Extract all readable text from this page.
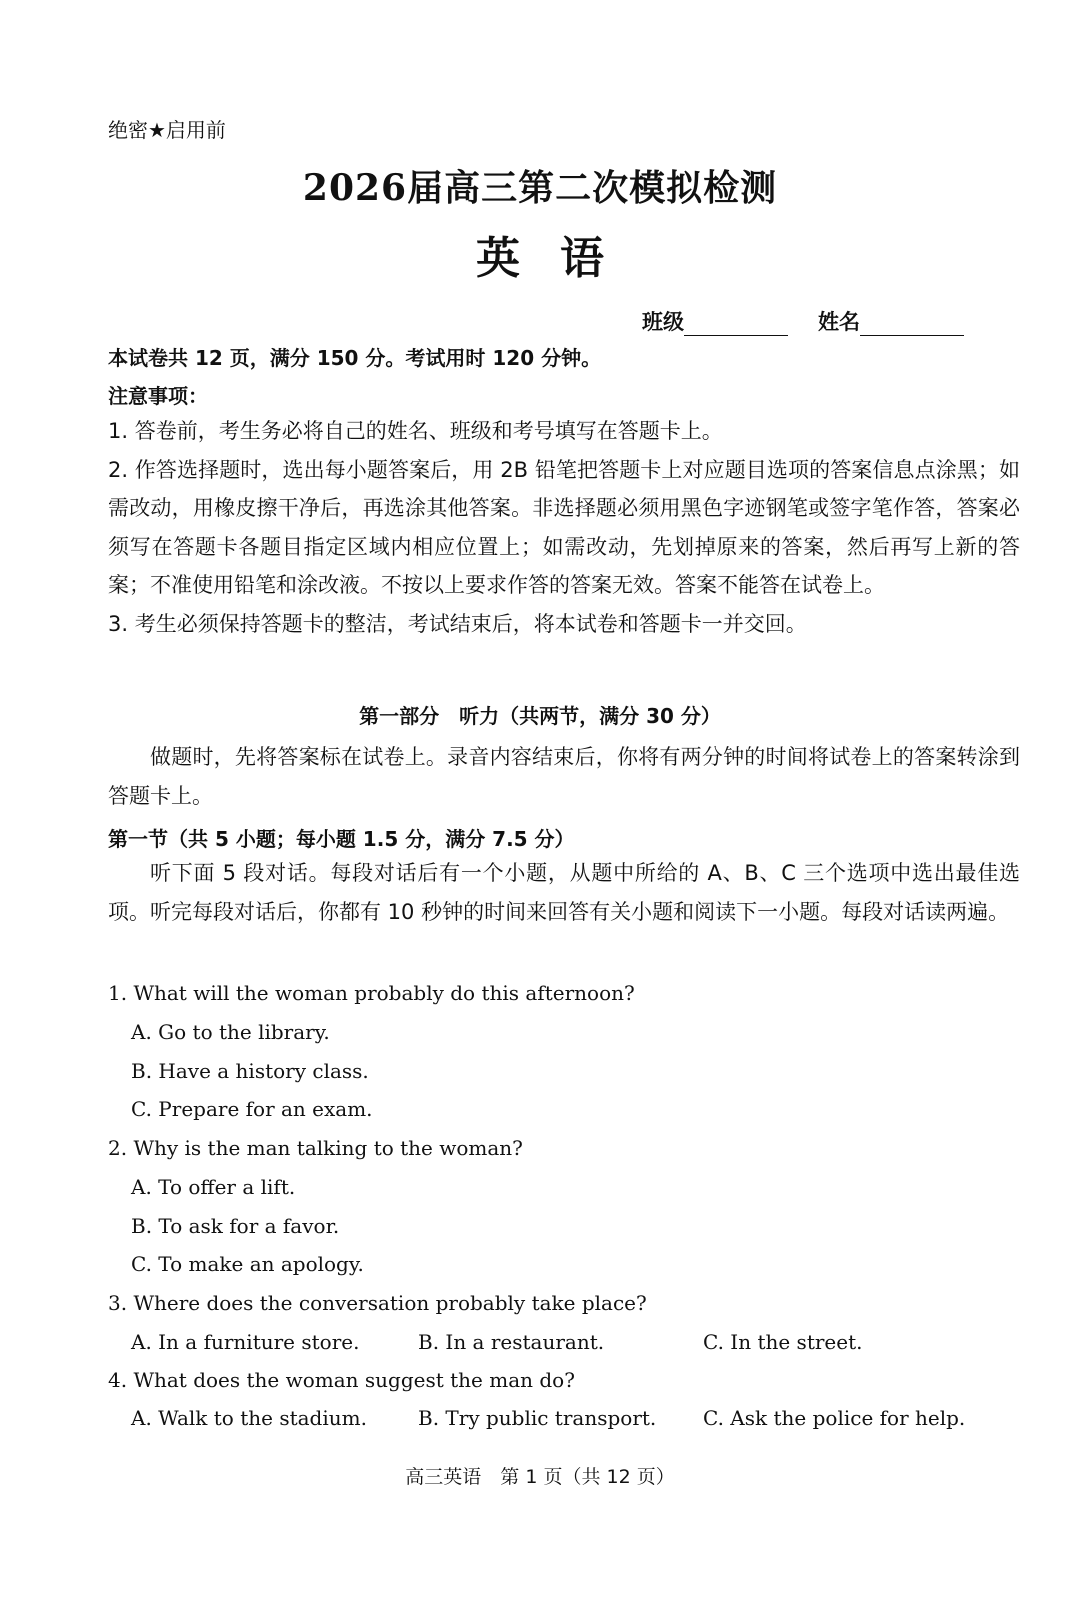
绝密★启用前
2026届高三第二次模拟检测
英语
班级	姓名
本试卷共 12 页，满分 150 分。考试用时 120 分钟。
注意事项：

1. 答卷前，考生务必将自己的姓名、班级和考号填写在答题卡上。

2. 作答选择题时，选出每小题答案后，用 2B 铅笔把答题卡上对应题目选项的答案信息点涂黑；如需改动，用橡皮擦干净后，再选涂其他答案。非选择题必须用黑色字迹钢笔或签字笔作答，答案必须写在答题卡各题目指定区域内相应位置上；如需改动，先划掉原来的答案，然后再写上新的答案；不准使用铅笔和涂改液。不按以上要求作答的答案无效。答案不能答在试卷上。

3. 考生必须保持答题卡的整洁，考试结束后，将本试卷和答题卡一并交回。

第一部分　听力（共两节，满分 30 分）
做题时，先将答案标在试卷上。录音内容结束后，你将有两分钟的时间将试卷上的答案转涂到答题卡上。
第一节（共 5 小题；每小题 1.5 分，满分 7.5 分）
听下面 5 段对话。每段对话后有一个小题，从题中所给的 A、B、C 三个选项中选出最佳选项。听完每段对话后，你都有 10 秒钟的时间来回答有关小题和阅读下一小题。每段对话读两遍。
1. What will the woman probably do this afternoon?
A. Go to the library.
B. Have a history class.
C. Prepare for an exam.
2. Why is the man talking to the woman?
A. To offer a lift.
B. To ask for a favor.
C. To make an apology.
3. Where does the conversation probably take place?
A. In a furniture store.	B. In a restaurant.	C. In the street.
4. What does the woman suggest the man do?
A. Walk to the stadium.	B. Try public transport. C. Ask the police for help.
高三英语　第 1 页（共 12 页）
